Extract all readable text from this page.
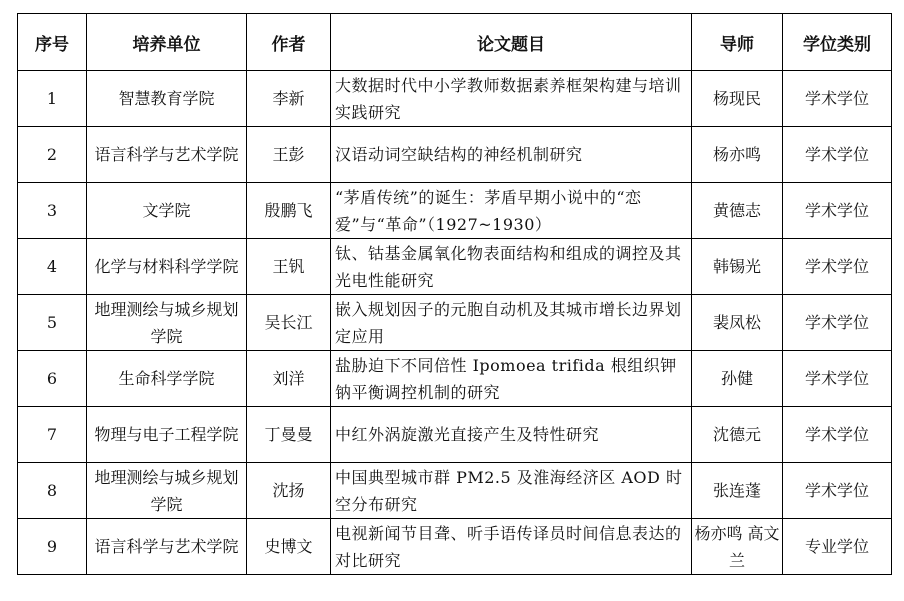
序号	培养单位	作者	论文题目	导师	学位类别
1	智慧教育学院	李新	大数据时代中小学教师数据素养框架构建与培训实践研究	杨现民	学术学位
2	语言科学与艺术学院	王彭	汉语动词空缺结构的神经机制研究	杨亦鸣	学术学位
3	文学院	殷鹏飞	“茅盾传统”的诞生：茅盾早期小说中的“恋爱”与“革命”（1927~1930）	黄德志	学术学位
4	化学与材料科学学院	王钒	钛、钴基金属氧化物表面结构和组成的调控及其光电性能研究	韩锡光	学术学位
5	地理测绘与城乡规划学院	吴长江	嵌入规划因子的元胞自动机及其城市增长边界划定应用	裴凤松	学术学位
6	生命科学学院	刘洋	盐胁迫下不同倍性 Ipomoea trifida 根组织钾钠平衡调控机制的研究	孙健	学术学位
7	物理与电子工程学院	丁曼曼	中红外涡旋激光直接产生及特性研究	沈德元	学术学位
8	地理测绘与城乡规划学院	沈扬	中国典型城市群 PM2.5 及淮海经济区 AOD 时空分布研究	张连蓬	学术学位
9	语言科学与艺术学院	史博文	电视新闻节目聋、听手语传译员时间信息表达的对比研究	杨亦鸣 高文兰	专业学位
